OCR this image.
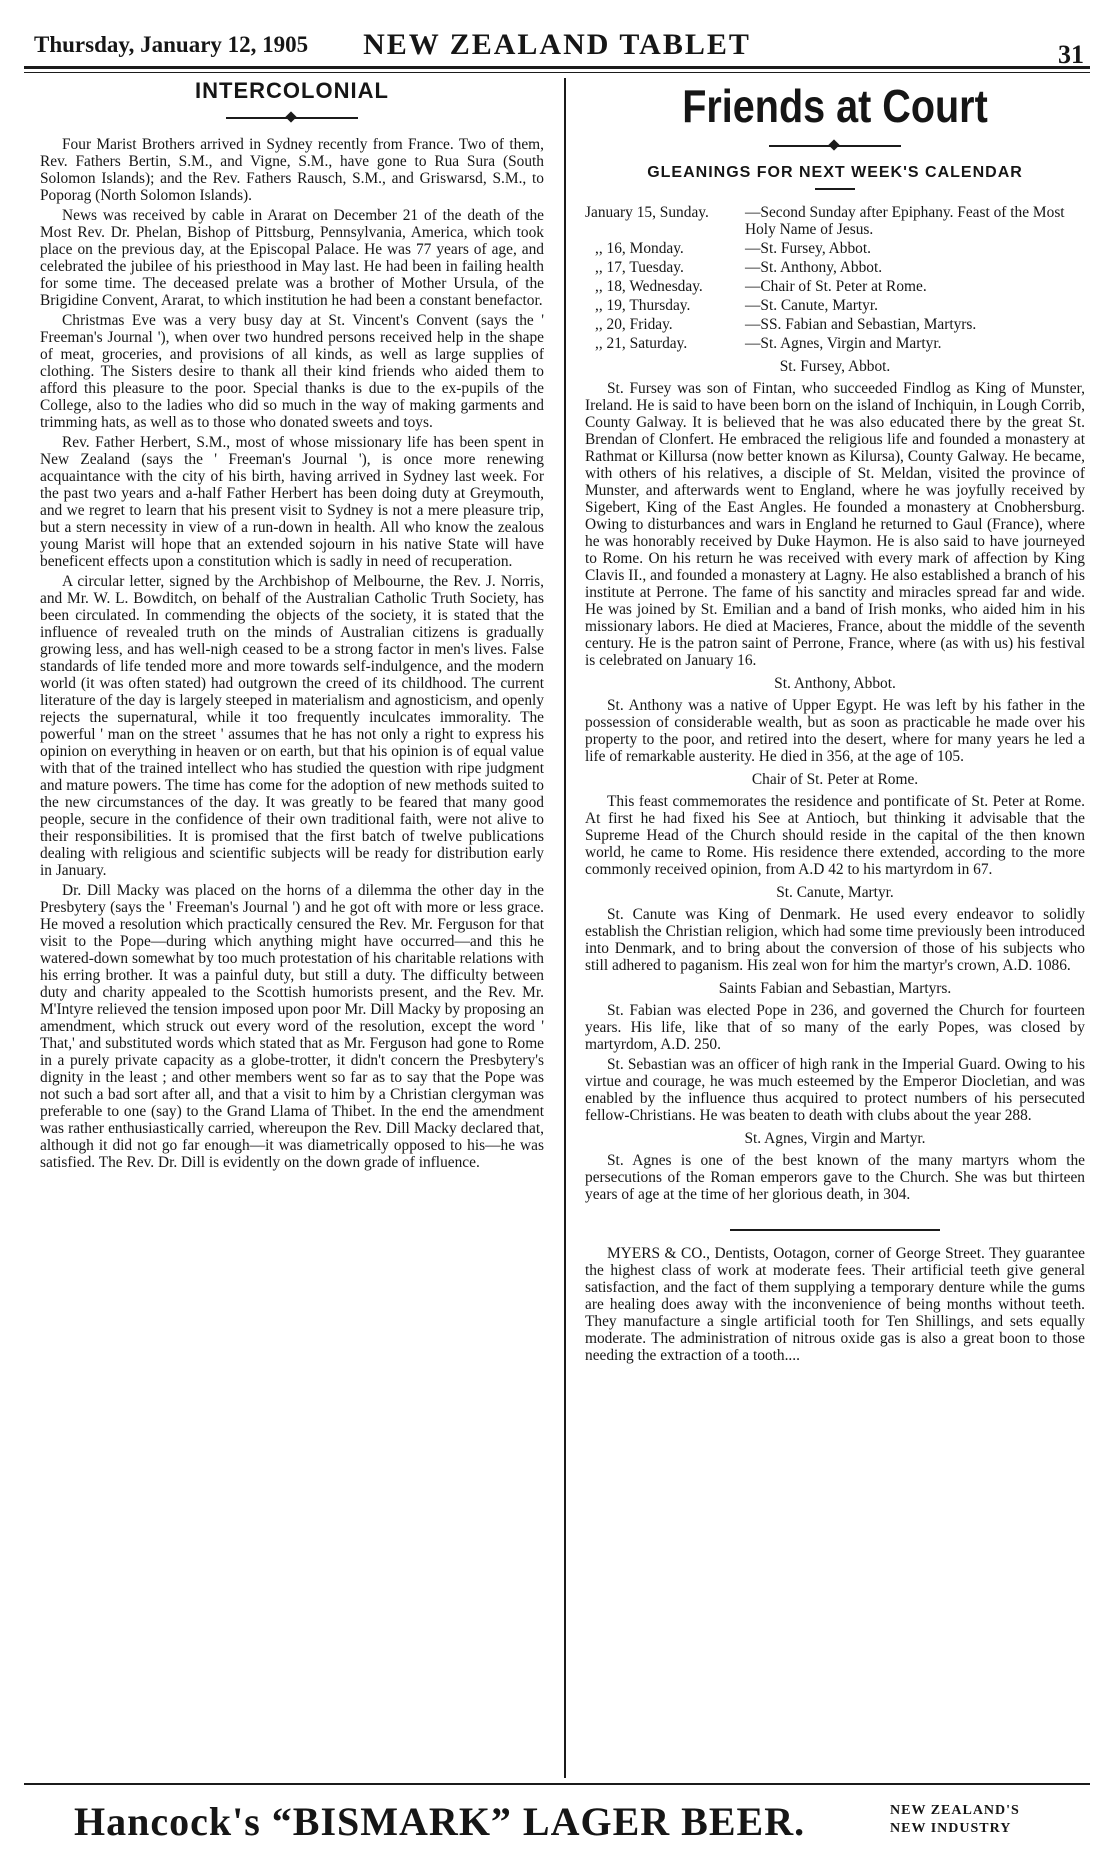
Thursday, January 12, 1905	NEW ZEALAND TABLET	31
INTERCOLONIAL

Four Marist Brothers arrived in Sydney recently from France. Two of them, Rev. Fathers Bertin, S.M., and Vigne, S.M., have gone to Rua Sura (South Solomon Islands); and the Rev. Fathers Rausch, S.M., and Griswarsd, S.M., to Poporag (North Solomon Islands).

News was received by cable in Ararat on December 21 of the death of the Most Rev. Dr. Phelan, Bishop of Pittsburg, Pennsylvania, America, which took place on the previous day, at the Episcopal Palace. He was 77 years of age, and celebrated the jubilee of his priesthood in May last. He had been in failing health for some time. The deceased prelate was a brother of Mother Ursula, of the Brigidine Convent, Ararat, to which institution he had been a constant benefactor.

Christmas Eve was a very busy day at St. Vincent's Convent (says the ' Freeman's Journal '), when over two hundred persons received help in the shape of meat, groceries, and provisions of all kinds, as well as large supplies of clothing. The Sisters desire to thank all their kind friends who aided them to afford this pleasure to the poor. Special thanks is due to the ex-pupils of the College, also to the ladies who did so much in the way of making garments and trimming hats, as well as to those who donated sweets and toys.

Rev. Father Herbert, S.M., most of whose missionary life has been spent in New Zealand (says the ' Freeman's Journal '), is once more renewing acquaintance with the city of his birth, having arrived in Sydney last week. For the past two years and a-half Father Herbert has been doing duty at Greymouth, and we regret to learn that his present visit to Sydney is not a mere pleasure trip, but a stern necessity in view of a run-down in health. All who know the zealous young Marist will hope that an extended sojourn in his native State will have beneficent effects upon a constitution which is sadly in need of recuperation.

A circular letter, signed by the Archbishop of Melbourne, the Rev. J. Norris, and Mr. W. L. Bowditch, on behalf of the Australian Catholic Truth Society, has been circulated. In commending the objects of the society, it is stated that the influence of revealed truth on the minds of Australian citizens is gradually growing less, and has well-nigh ceased to be a strong factor in men's lives. False standards of life tended more and more towards self-indulgence, and the modern world (it was often stated) had outgrown the creed of its childhood. The current literature of the day is largely steeped in materialism and agnosticism, and openly rejects the supernatural, while it too frequently inculcates immorality. The powerful ' man on the street ' assumes that he has not only a right to express his opinion on everything in heaven or on earth, but that his opinion is of equal value with that of the trained intellect who has studied the question with ripe judgment and mature powers. The time has come for the adoption of new methods suited to the new circumstances of the day. It was greatly to be feared that many good people, secure in the confidence of their own traditional faith, were not alive to their responsibilities. It is promised that the first batch of twelve publications dealing with religious and scientific subjects will be ready for distribution early in January.

Dr. Dill Macky was placed on the horns of a dilemma the other day in the Presbytery (says the ' Freeman's Journal ') and he got oft with more or less grace. He moved a resolution which practically censured the Rev. Mr. Ferguson for that visit to the Pope—during which anything might have occurred—and this he watered-down somewhat by too much protestation of his charitable relations with his erring brother. It was a painful duty, but still a duty. The difficulty between duty and charity appealed to the Scottish humorists present, and the Rev. Mr. M'Intyre relieved the tension imposed upon poor Mr. Dill Macky by proposing an amendment, which struck out every word of the resolution, except the word ' That,' and substituted words which stated that as Mr. Ferguson had gone to Rome in a purely private capacity as a globe-trotter, it didn't concern the Presbytery's dignity in the least ; and other members went so far as to say that the Pope was not such a bad sort after all, and that a visit to him by a Christian clergyman was preferable to one (say) to the Grand Llama of Thibet. In the end the amendment was rather enthusiastically carried, whereupon the Rev. Dill Macky declared that, although it did not go far enough—it was diametrically opposed to his—he was satisfied. The Rev. Dr. Dill is evidently on the down grade of influence.

Friends at Court
GLEANINGS FOR NEXT WEEK'S CALENDAR
January 15, Sunday.	—Second Sunday after Epiphany. Feast of the Most Holy Name of Jesus.
,, 16, Monday.	—St. Fursey, Abbot.
,, 17, Tuesday.	—St. Anthony, Abbot.
,, 18, Wednesday.	—Chair of St. Peter at Rome.
,, 19, Thursday.	—St. Canute, Martyr.
,, 20, Friday.	—SS. Fabian and Sebastian, Martyrs.
,, 21, Saturday.	—St. Agnes, Virgin and Martyr.
St. Fursey, Abbot.

St. Fursey was son of Fintan, who succeeded Findlog as King of Munster, Ireland. He is said to have been born on the island of Inchiquin, in Lough Corrib, County Galway. It is believed that he was also educated there by the great St. Brendan of Clonfert. He embraced the religious life and founded a monastery at Rathmat or Killursa (now better known as Kilursa), County Galway. He became, with others of his relatives, a disciple of St. Meldan, visited the province of Munster, and afterwards went to England, where he was joyfully received by Sigebert, King of the East Angles. He founded a monastery at Cnobhersburg. Owing to disturbances and wars in England he returned to Gaul (France), where he was honorably received by Duke Haymon. He is also said to have journeyed to Rome. On his return he was received with every mark of affection by King Clavis II., and founded a monastery at Lagny. He also established a branch of his institute at Perrone. The fame of his sanctity and miracles spread far and wide. He was joined by St. Emilian and a band of Irish monks, who aided him in his missionary labors. He died at Macieres, France, about the middle of the seventh century. He is the patron saint of Perrone, France, where (as with us) his festival is celebrated on January 16.

St. Anthony, Abbot.

St. Anthony was a native of Upper Egypt. He was left by his father in the possession of considerable wealth, but as soon as practicable he made over his property to the poor, and retired into the desert, where for many years he led a life of remarkable austerity. He died in 356, at the age of 105.

Chair of St. Peter at Rome.

This feast commemorates the residence and pontificate of St. Peter at Rome. At first he had fixed his See at Antioch, but thinking it advisable that the Supreme Head of the Church should reside in the capital of the then known world, he came to Rome. His residence there extended, according to the more commonly received opinion, from A.D 42 to his martyrdom in 67.

St. Canute, Martyr.

St. Canute was King of Denmark. He used every endeavor to solidly establish the Christian religion, which had some time previously been introduced into Denmark, and to bring about the conversion of those of his subjects who still adhered to paganism. His zeal won for him the martyr's crown, A.D. 1086.

Saints Fabian and Sebastian, Martyrs.

St. Fabian was elected Pope in 236, and governed the Church for fourteen years. His life, like that of so many of the early Popes, was closed by martyrdom, A.D. 250.

St. Sebastian was an officer of high rank in the Imperial Guard. Owing to his virtue and courage, he was much esteemed by the Emperor Diocletian, and was enabled by the influence thus acquired to protect numbers of his persecuted fellow-Christians. He was beaten to death with clubs about the year 288.

St. Agnes, Virgin and Martyr.

St. Agnes is one of the best known of the many martyrs whom the persecutions of the Roman emperors gave to the Church. She was but thirteen years of age at the time of her glorious death, in 304.

MYERS & CO., Dentists, Ootagon, corner of George Street. They guarantee the highest class of work at moderate fees. Their artificial teeth give general satisfaction, and the fact of them supplying a temporary denture while the gums are healing does away with the inconvenience of being months without teeth. They manufacture a single artificial tooth for Ten Shillings, and sets equally moderate. The administration of nitrous oxide gas is also a great boon to those needing the extraction of a tooth....

Hancock's “BISMARK” LAGER BEER.	NEW ZEALAND'S
NEW INDUSTRY
